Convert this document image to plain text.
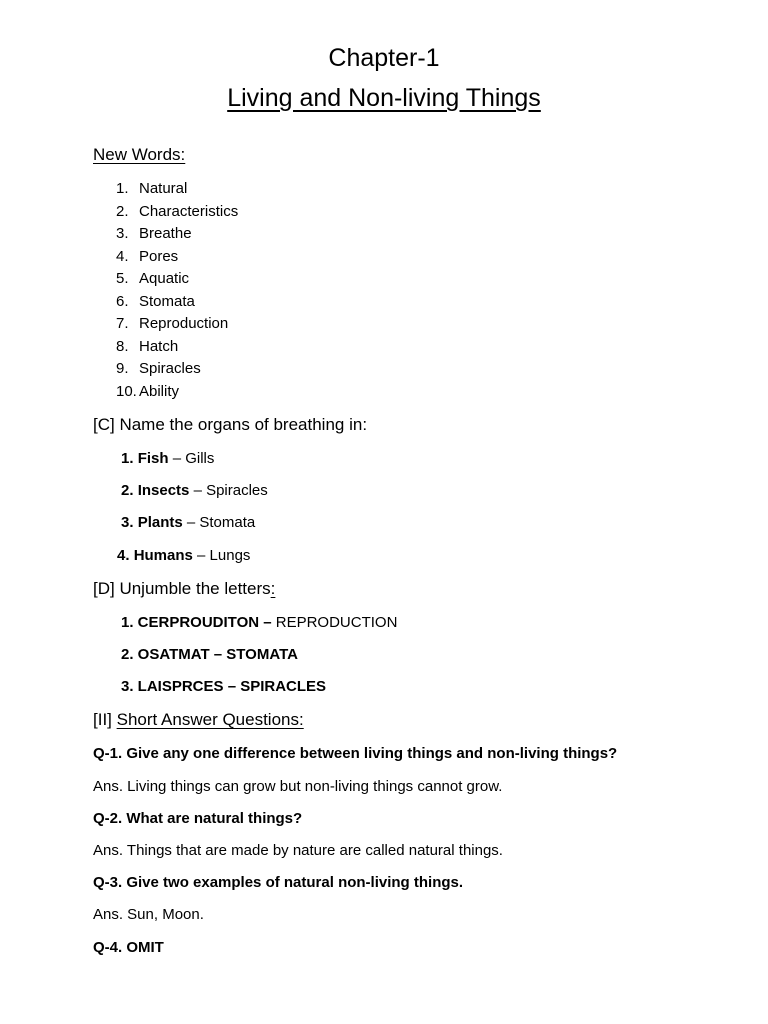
Chapter-1
Living and Non-living Things
New Words:
1. Natural
2. Characteristics
3. Breathe
4. Pores
5. Aquatic
6. Stomata
7. Reproduction
8. Hatch
9. Spiracles
10. Ability
[C] Name the organs of breathing in:
1. Fish – Gills
2. Insects – Spiracles
3. Plants – Stomata
4. Humans – Lungs
[D] Unjumble the letters:
1. CERPROUDITON – REPRODUCTION
2. OSATMAT – STOMATA
3. LAISPRCES – SPIRACLES
[II] Short Answer Questions:
Q-1. Give any one difference between living things and non-living things?
Ans. Living things can grow but non-living things cannot grow.
Q-2. What are natural things?
Ans. Things that are made by nature are called natural things.
Q-3. Give two examples of natural non-living things.
Ans. Sun, Moon.
Q-4. OMIT
